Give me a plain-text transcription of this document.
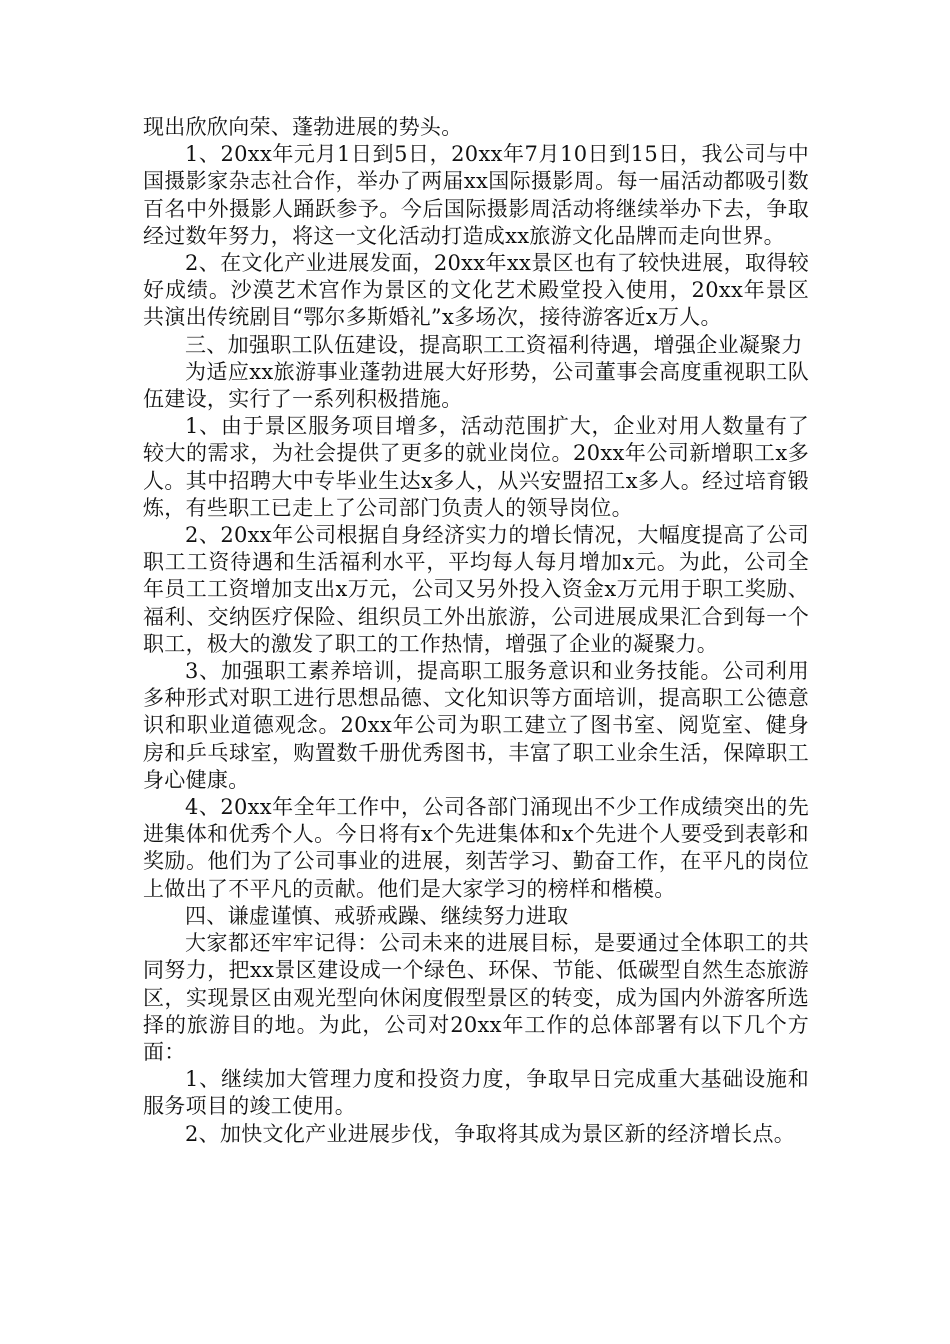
现出欣欣向荣、蓬勃进展的势头。

1、20xx年元月1日到5日，20xx年7月10日到15日，我公司与中国摄影家杂志社合作，举办了两届xx国际摄影周。每一届活动都吸引数百名中外摄影人踊跃参予。今后国际摄影周活动将继续举办下去，争取经过数年努力，将这一文化活动打造成xx旅游文化品牌而走向世界。

2、在文化产业进展发面，20xx年xx景区也有了较快进展，取得较好成绩。沙漠艺术宫作为景区的文化艺术殿堂投入使用，20xx年景区共演出传统剧目“鄂尔多斯婚礼”x多场次，接待游客近x万人。

三、加强职工队伍建设，提高职工工资福利待遇，增强企业凝聚力

为适应xx旅游事业蓬勃进展大好形势，公司董事会高度重视职工队伍建设，实行了一系列积极措施。

1、由于景区服务项目增多，活动范围扩大，企业对用人数量有了较大的需求，为社会提供了更多的就业岗位。20xx年公司新增职工x多人。其中招聘大中专毕业生达x多人，从兴安盟招工x多人。经过培育锻炼，有些职工已走上了公司部门负责人的领导岗位。

2、20xx年公司根据自身经济实力的增长情况，大幅度提高了公司职工工资待遇和生活福利水平，平均每人每月增加x元。为此，公司全年员工工资增加支出x万元，公司又另外投入资金x万元用于职工奖励、福利、交纳医疗保险、组织员工外出旅游，公司进展成果汇合到每一个职工，极大的激发了职工的工作热情，增强了企业的凝聚力。

3、加强职工素养培训，提高职工服务意识和业务技能。公司利用多种形式对职工进行思想品德、文化知识等方面培训，提高职工公德意识和职业道德观念。20xx年公司为职工建立了图书室、阅览室、健身房和乒乓球室，购置数千册优秀图书，丰富了职工业余生活，保障职工身心健康。

4、20xx年全年工作中，公司各部门涌现出不少工作成绩突出的先进集体和优秀个人。今日将有x个先进集体和x个先进个人要受到表彰和奖励。他们为了公司事业的进展，刻苦学习、勤奋工作，在平凡的岗位上做出了不平凡的贡献。他们是大家学习的榜样和楷模。

四、谦虚谨慎、戒骄戒躁、继续努力进取

大家都还牢牢记得：公司未来的进展目标，是要通过全体职工的共同努力，把xx景区建设成一个绿色、环保、节能、低碳型自然生态旅游区，实现景区由观光型向休闲度假型景区的转变，成为国内外游客所选择的旅游目的地。为此，公司对20xx年工作的总体部署有以下几个方面：

1、继续加大管理力度和投资力度，争取早日完成重大基础设施和服务项目的竣工使用。

2、加快文化产业进展步伐，争取将其成为景区新的经济增长点。
